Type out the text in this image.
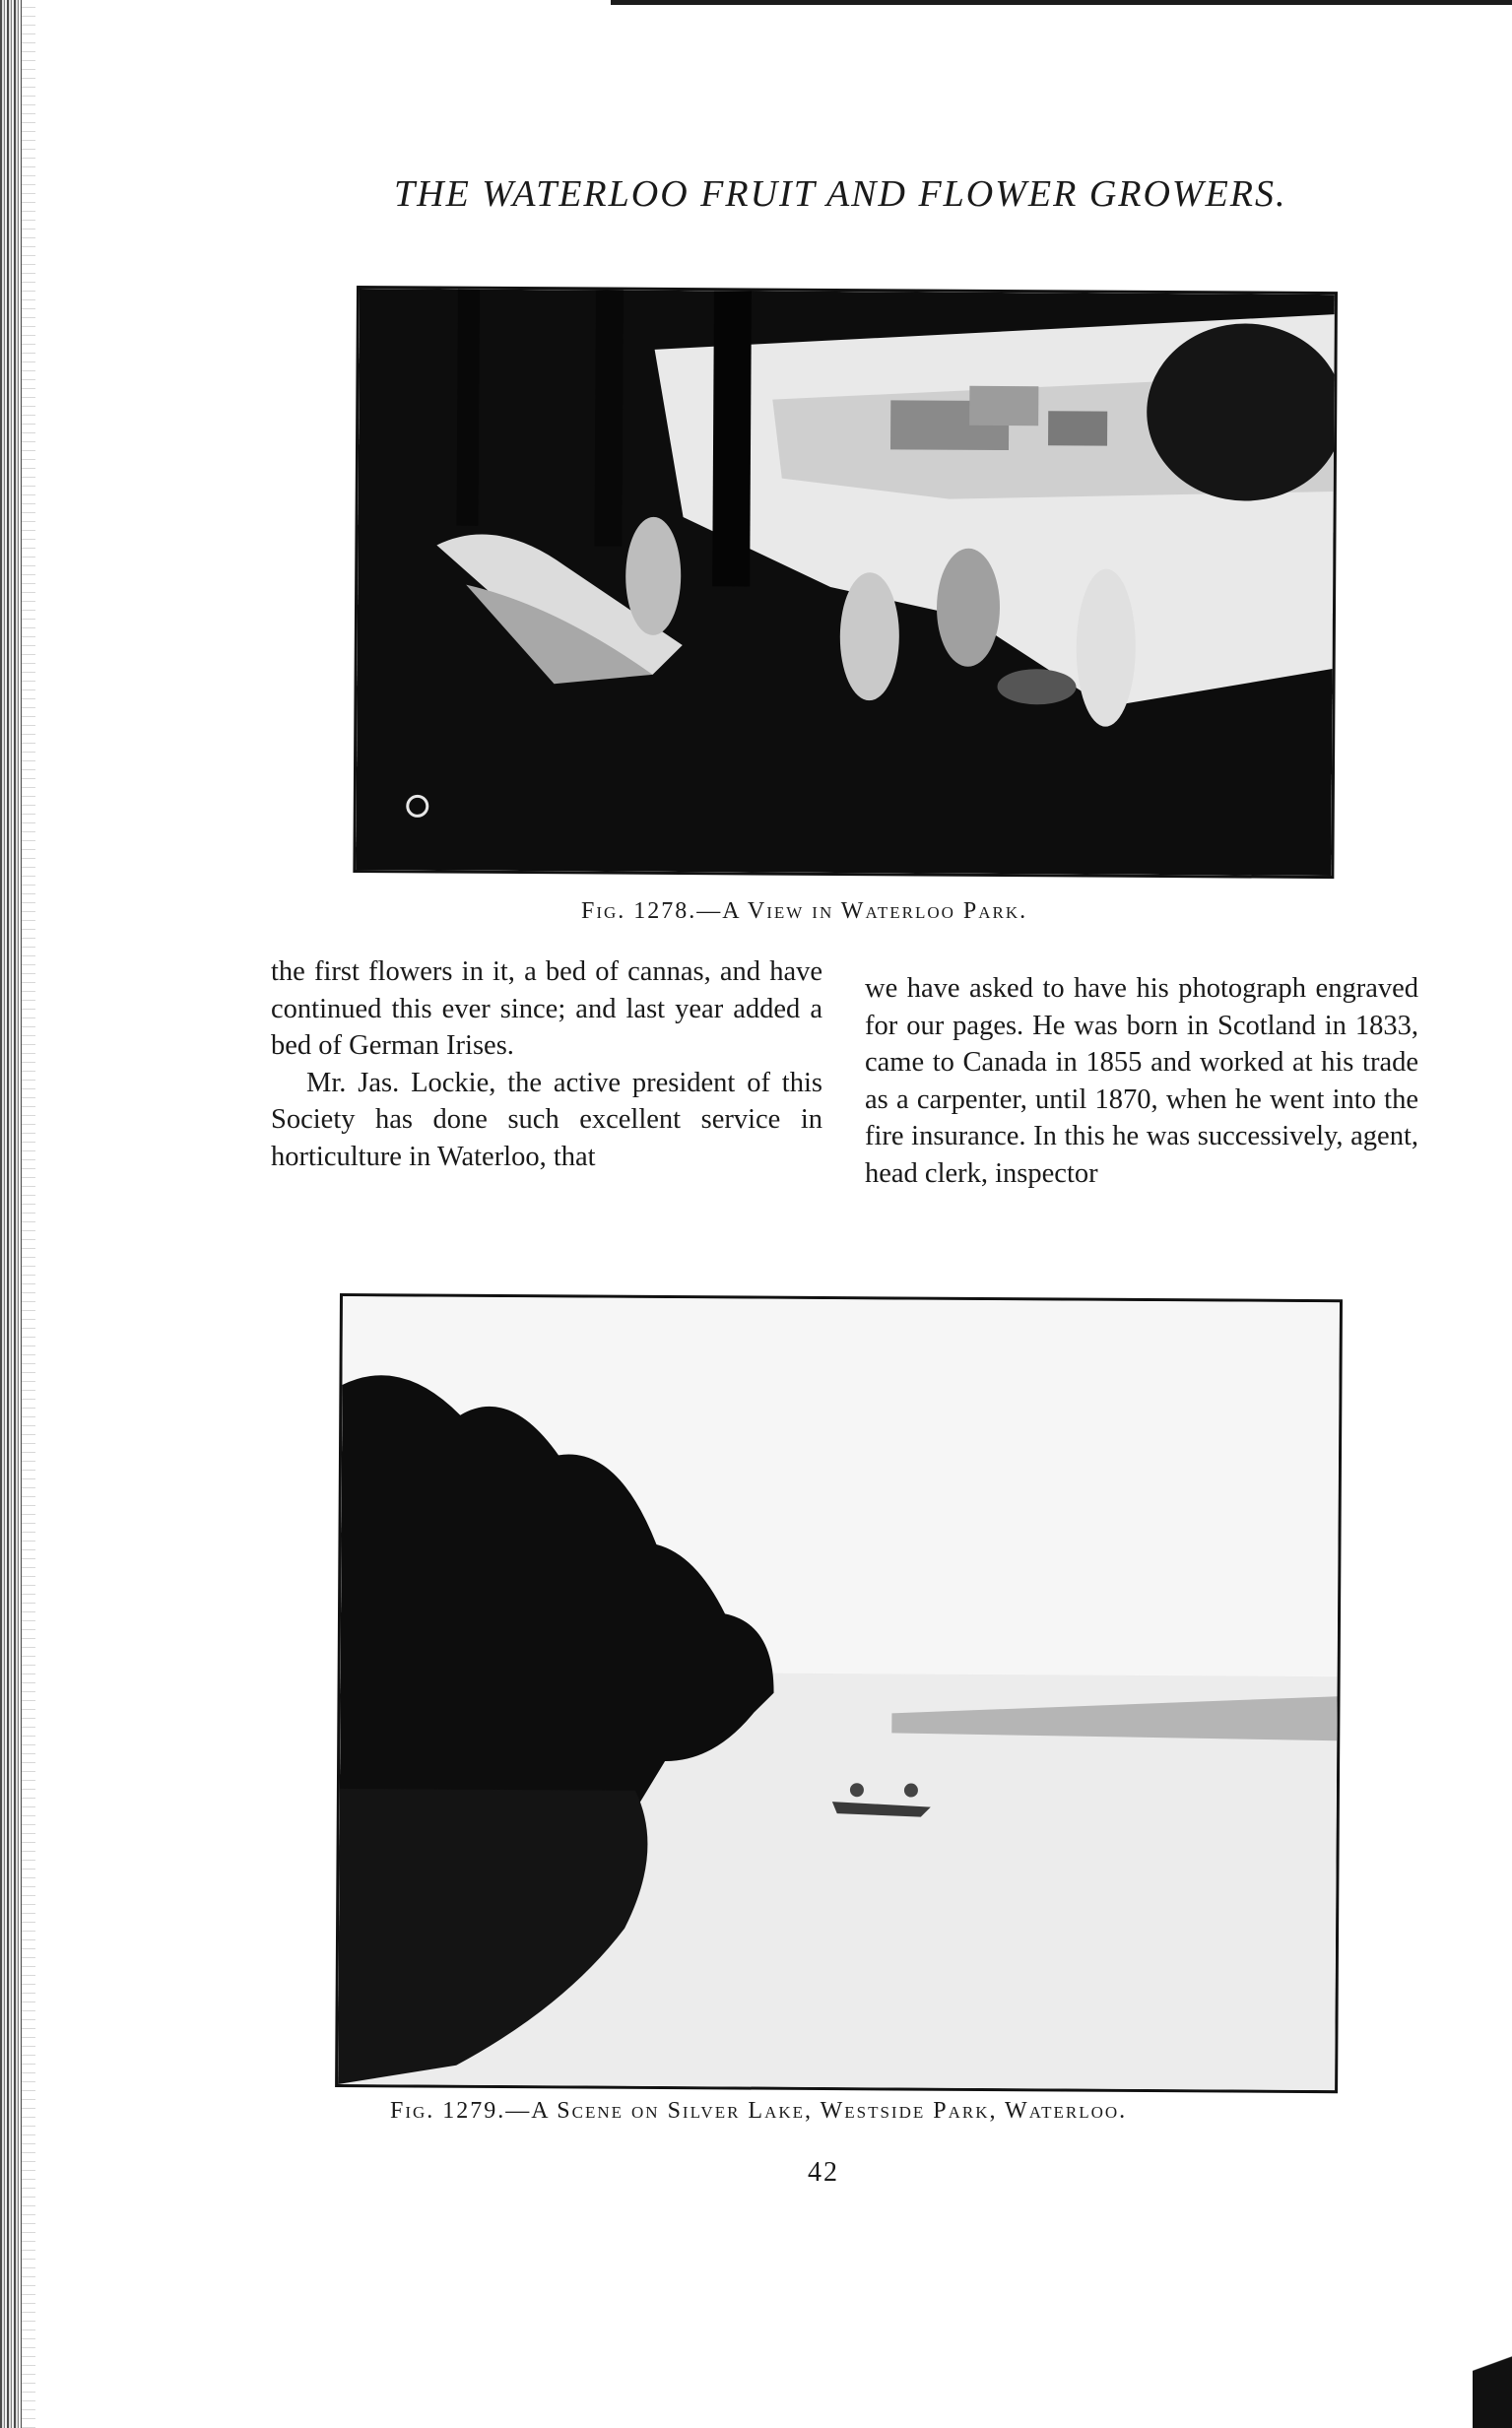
THE WATERLOO FRUIT AND FLOWER GROWERS.
Fig. 1278.—A View in Waterloo Park.

the first flowers in it, a bed of cannas, and have continued this ever since; and last year added a bed of German Irises.

Mr. Jas. Lockie, the active president of this Society has done such excellent service in horticulture in Waterloo, that

we have asked to have his photograph engraved for our pages. He was born in Scotland in 1833, came to Canada in 1855 and worked at his trade as a carpenter, until 1870, when he went into the fire insurance. In this he was successively, agent, head clerk, inspector

Fig. 1279.—A Scene on Silver Lake, Westside Park, Waterloo.
42
